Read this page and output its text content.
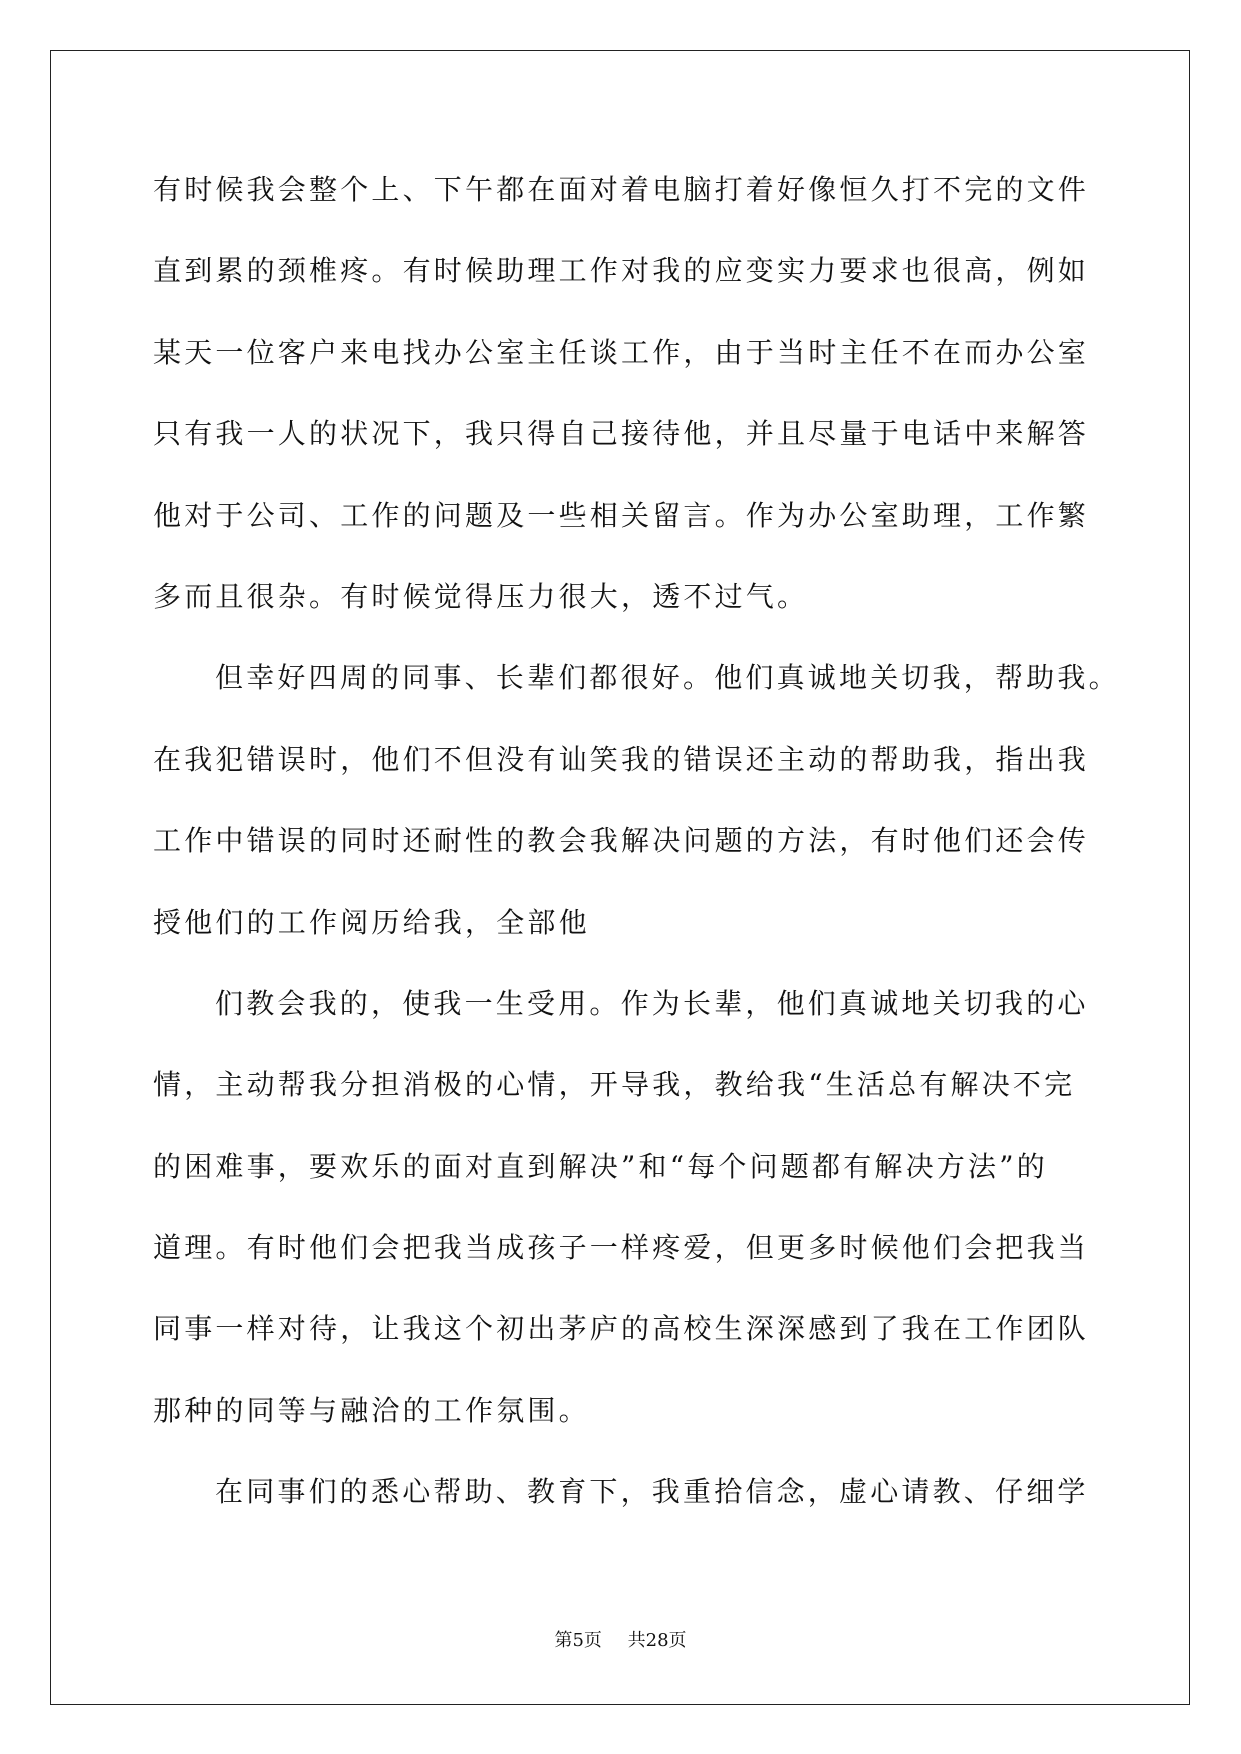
有时候我会整个上、下午都在面对着电脑打着好像恒久打不完的文件
直到累的颈椎疼。有时候助理工作对我的应变实力要求也很高，例如
某天一位客户来电找办公室主任谈工作，由于当时主任不在而办公室
只有我一人的状况下，我只得自己接待他，并且尽量于电话中来解答
他对于公司、工作的问题及一些相关留言。作为办公室助理，工作繁
多而且很杂。有时候觉得压力很大，透不过气。
但幸好四周的同事、长辈们都很好。他们真诚地关切我，帮助我。
在我犯错误时，他们不但没有讪笑我的错误还主动的帮助我，指出我
工作中错误的同时还耐性的教会我解决问题的方法，有时他们还会传
授他们的工作阅历给我，全部他
们教会我的，使我一生受用。作为长辈，他们真诚地关切我的心
情，主动帮我分担消极的心情，开导我，教给我“生活总有解决不完
的困难事，要欢乐的面对直到解决”和“每个问题都有解决方法”的
道理。有时他们会把我当成孩子一样疼爱，但更多时候他们会把我当
同事一样对待，让我这个初出茅庐的高校生深深感到了我在工作团队
那种的同等与融洽的工作氛围。
在同事们的悉心帮助、教育下，我重拾信念，虚心请教、仔细学
第5页 共28页
